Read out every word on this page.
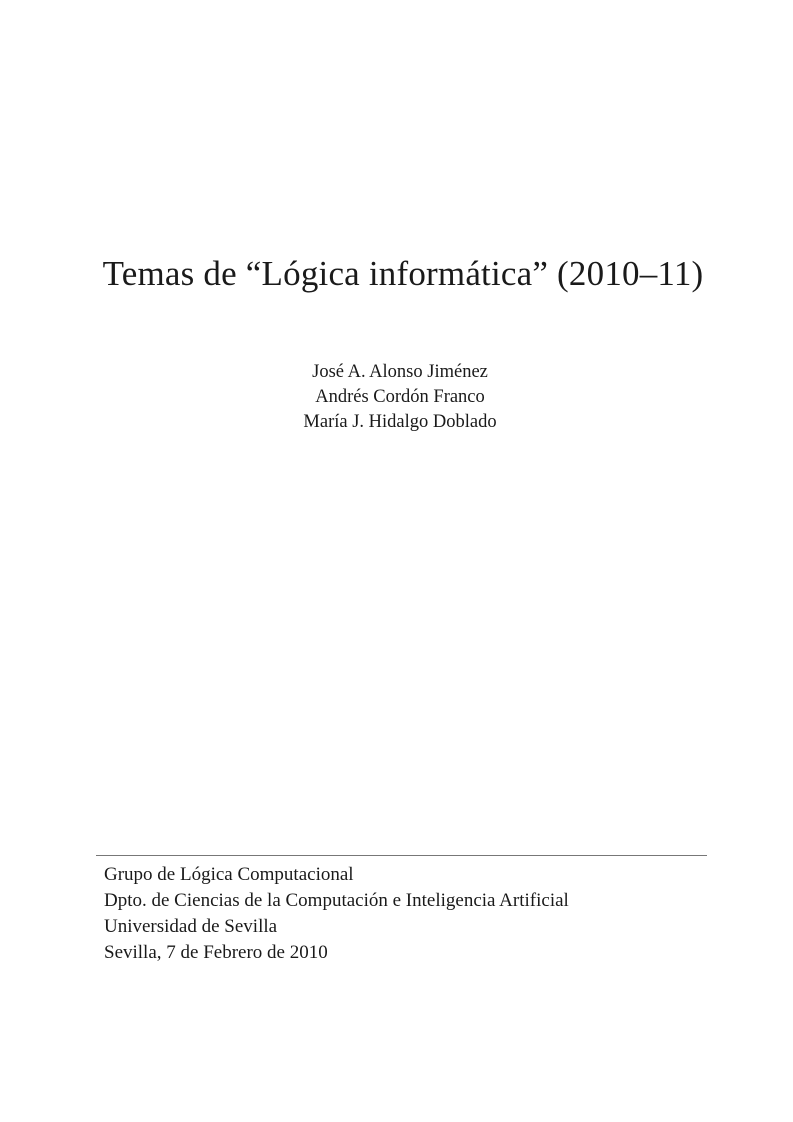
Temas de “Lógica informática” (2010–11)
José A. Alonso Jiménez
Andrés Cordón Franco
María J. Hidalgo Doblado
Grupo de Lógica Computacional
Dpto. de Ciencias de la Computación e Inteligencia Artificial
Universidad de Sevilla
Sevilla, 7 de Febrero de 2010
